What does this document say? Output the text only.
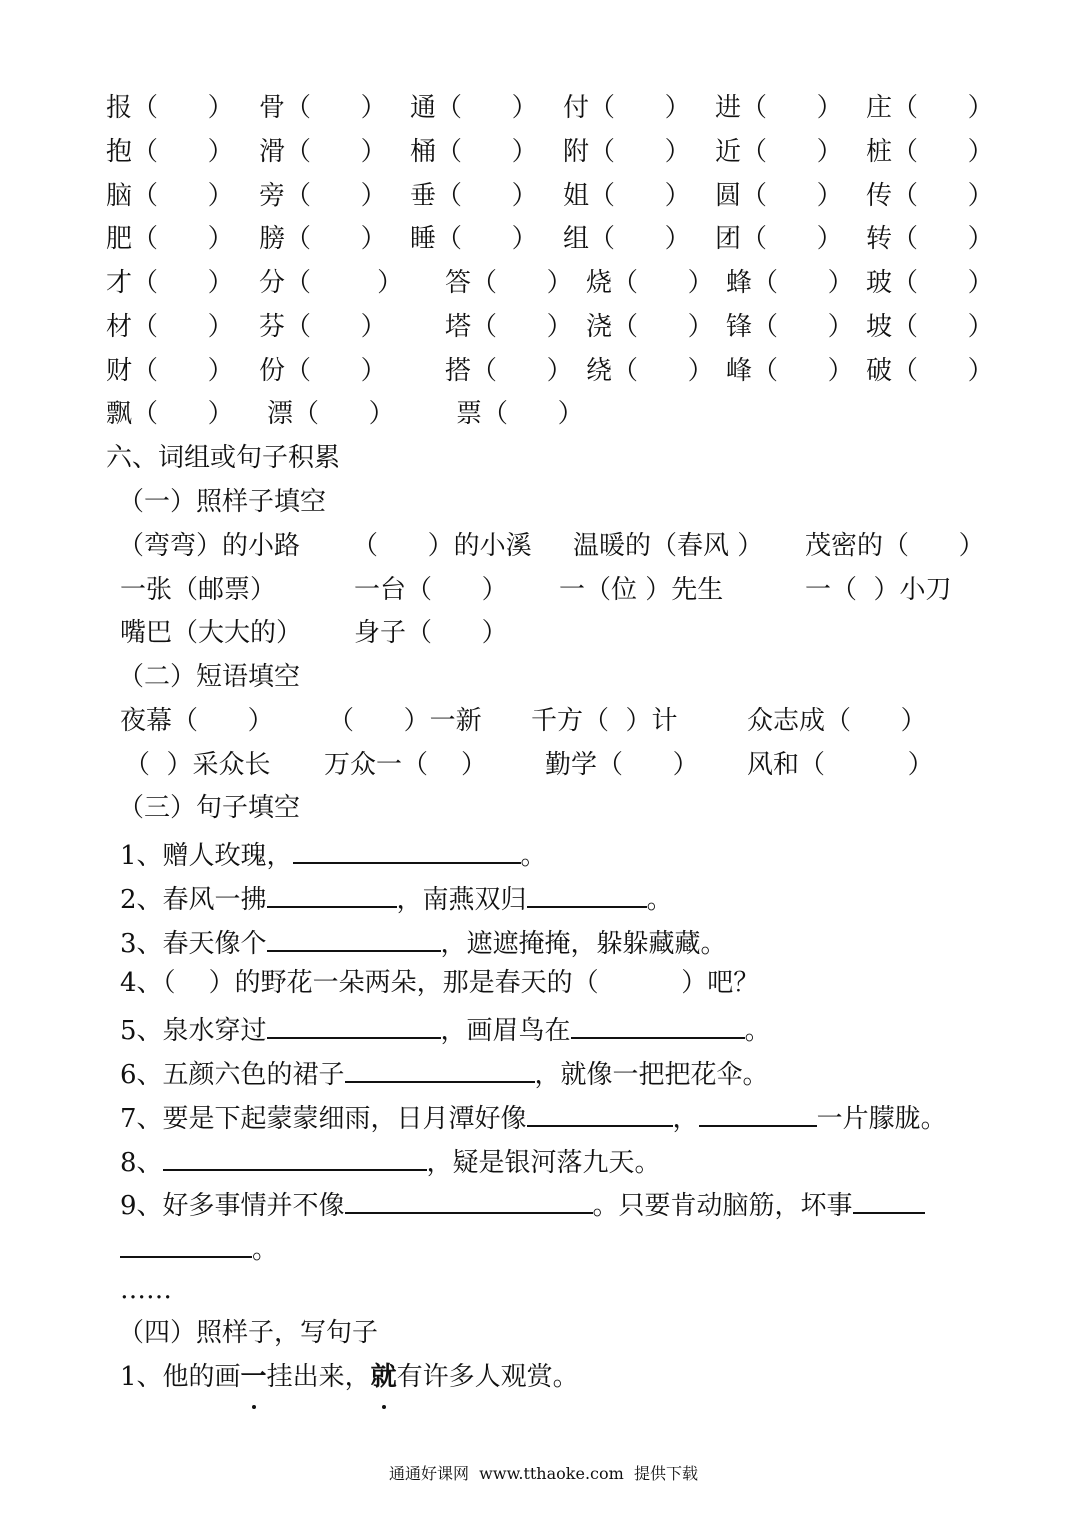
报（      ） 骨（      ） 通（      ） 付（      ） 进（      ） 庄（      ）
抱（      ） 滑（      ） 桶（      ） 附（      ） 近（      ） 桩（      ）
脑（      ） 旁（      ） 垂（      ） 姐（      ） 圆（      ） 传（      ）
肥（      ） 膀（      ） 睡（      ） 组（      ） 团（      ） 转（      ）
才（      ） 分（        ） 答（      ） 烧（      ） 蜂（      ） 玻（      ）
材（      ） 芬（      ） 塔（      ） 浇（      ） 锋（      ） 坡（      ）
财（      ） 份（      ） 搭（      ） 绕（      ） 峰（      ） 破（      ）
飘（      ） 漂（      ） 票（      ）
六、词组或句子积累
（一）照样子填空
（弯弯）的小路 （      ）的小溪 温暖的（春风 ） 茂密的（      ）
一张（邮票）	一台（      ） 一（位 ）先生	一（  ）小刀
嘴巴（大大的） 身子（      ）
（二）短语填空
夜幕（      ） （      ）一新 千方（  ）计	众志成（      ）
（  ）采众长 万众一（    ） 勤学（      ） 风和（          ）
（三）句子填空
1、赠人玫瑰，	。
2、春风一拂	，南燕双归	。
3、春天像个	，遮遮掩掩，躲躲藏藏。
4、（    ）的野花一朵两朵，那是春天的（          ）吧？
5、泉水穿过	，画眉鸟在	。
6、五颜六色的裙子	，就像一把把花伞。
7、要是下起蒙蒙细雨，日月潭好像	，	一片朦胧。
8、	，疑是银河落九天。
9、好多事情并不像	。只要肯动脑筋，坏事
。
……
（四）照样子，写句子
1、他的画一挂出来，就有许多人观赏。
通通好课网  www.tthaoke.com  提供下载
